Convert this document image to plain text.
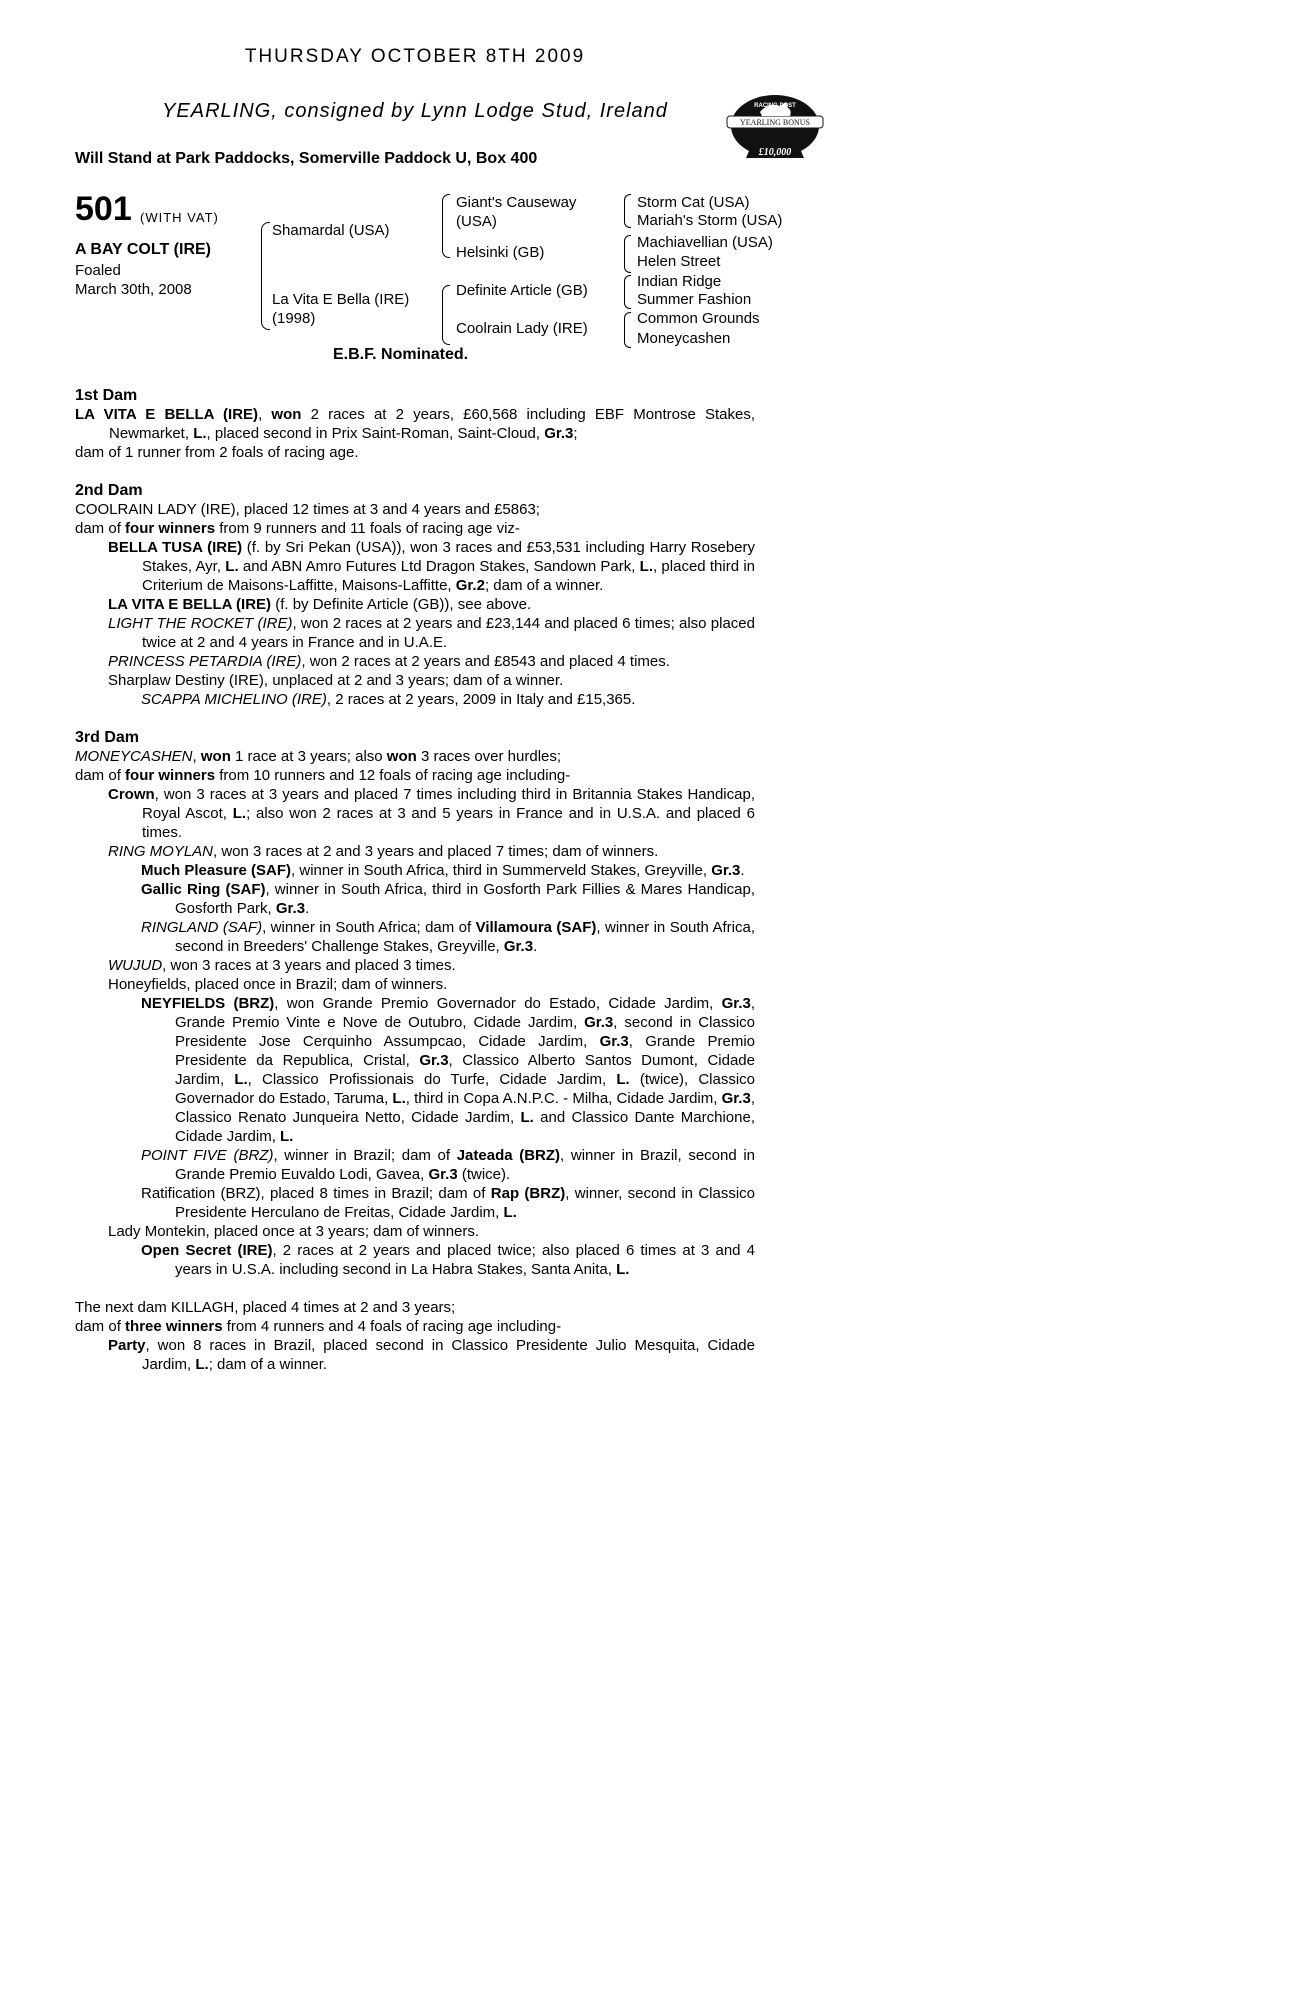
THURSDAY OCTOBER 8TH 2009
YEARLING, consigned by Lynn Lodge Stud, Ireland
Will Stand at Park Paddocks, Somerville Paddock U, Box 400
RACING POST
YEARLING BONUS
£10,000
501 (WITH VAT)
A BAY COLT (IRE)
Foaled
March 30th, 2008
Shamardal (USA)
La Vita E Bella (IRE)
(1998)
Giant's Causeway
(USA)
Helsinki (GB)
Definite Article (GB)
Coolrain Lady (IRE)
Storm Cat (USA)
Mariah's Storm (USA)
Machiavellian (USA)
Helen Street
Indian Ridge
Summer Fashion
Common Grounds
Moneycashen
E.B.F. Nominated.

1st Dam

LA VITA E BELLA (IRE), won 2 races at 2 years, £60,568 including EBF Montrose Stakes, Newmarket, L., placed second in Prix Saint-Roman, Saint-Cloud, Gr.3;

dam of 1 runner from 2 foals of racing age.

2nd Dam

COOLRAIN LADY (IRE), placed 12 times at 3 and 4 years and £5863;

dam of four winners from 9 runners and 11 foals of racing age viz-

BELLA TUSA (IRE) (f. by Sri Pekan (USA)), won 3 races and £53,531 including Harry Rosebery Stakes, Ayr, L. and ABN Amro Futures Ltd Dragon Stakes, Sandown Park, L., placed third in Criterium de Maisons-Laffitte, Maisons-Laffitte, Gr.2; dam of a winner.

LA VITA E BELLA (IRE) (f. by Definite Article (GB)), see above.

LIGHT THE ROCKET (IRE), won 2 races at 2 years and £23,144 and placed 6 times; also placed twice at 2 and 4 years in France and in U.A.E.

PRINCESS PETARDIA (IRE), won 2 races at 2 years and £8543 and placed 4 times.

Sharplaw Destiny (IRE), unplaced at 2 and 3 years; dam of a winner.

SCAPPA MICHELINO (IRE), 2 races at 2 years, 2009 in Italy and £15,365.

3rd Dam

MONEYCASHEN, won 1 race at 3 years; also won 3 races over hurdles;

dam of four winners from 10 runners and 12 foals of racing age including-

Crown, won 3 races at 3 years and placed 7 times including third in Britannia Stakes Handicap, Royal Ascot, L.; also won 2 races at 3 and 5 years in France and in U.S.A. and placed 6 times.

RING MOYLAN, won 3 races at 2 and 3 years and placed 7 times; dam of winners.

Much Pleasure (SAF), winner in South Africa, third in Summerveld Stakes, Greyville, Gr.3.

Gallic Ring (SAF), winner in South Africa, third in Gosforth Park Fillies & Mares Handicap, Gosforth Park, Gr.3.

RINGLAND (SAF), winner in South Africa; dam of Villamoura (SAF), winner in South Africa, second in Breeders' Challenge Stakes, Greyville, Gr.3.

WUJUD, won 3 races at 3 years and placed 3 times.

Honeyfields, placed once in Brazil; dam of winners.

NEYFIELDS (BRZ), won Grande Premio Governador do Estado, Cidade Jardim, Gr.3, Grande Premio Vinte e Nove de Outubro, Cidade Jardim, Gr.3, second in Classico Presidente Jose Cerquinho Assumpcao, Cidade Jardim, Gr.3, Grande Premio Presidente da Republica, Cristal, Gr.3, Classico Alberto Santos Dumont, Cidade Jardim, L., Classico Profissionais do Turfe, Cidade Jardim, L. (twice), Classico Governador do Estado, Taruma, L., third in Copa A.N.P.C. - Milha, Cidade Jardim, Gr.3, Classico Renato Junqueira Netto, Cidade Jardim, L. and Classico Dante Marchione, Cidade Jardim, L.

POINT FIVE (BRZ), winner in Brazil; dam of Jateada (BRZ), winner in Brazil, second in Grande Premio Euvaldo Lodi, Gavea, Gr.3 (twice).

Ratification (BRZ), placed 8 times in Brazil; dam of Rap (BRZ), winner, second in Classico Presidente Herculano de Freitas, Cidade Jardim, L.

Lady Montekin, placed once at 3 years; dam of winners.

Open Secret (IRE), 2 races at 2 years and placed twice; also placed 6 times at 3 and 4 years in U.S.A. including second in La Habra Stakes, Santa Anita, L.

The next dam KILLAGH, placed 4 times at 2 and 3 years;

dam of three winners from 4 runners and 4 foals of racing age including-

Party, won 8 races in Brazil, placed second in Classico Presidente Julio Mesquita, Cidade Jardim, L.; dam of a winner.
